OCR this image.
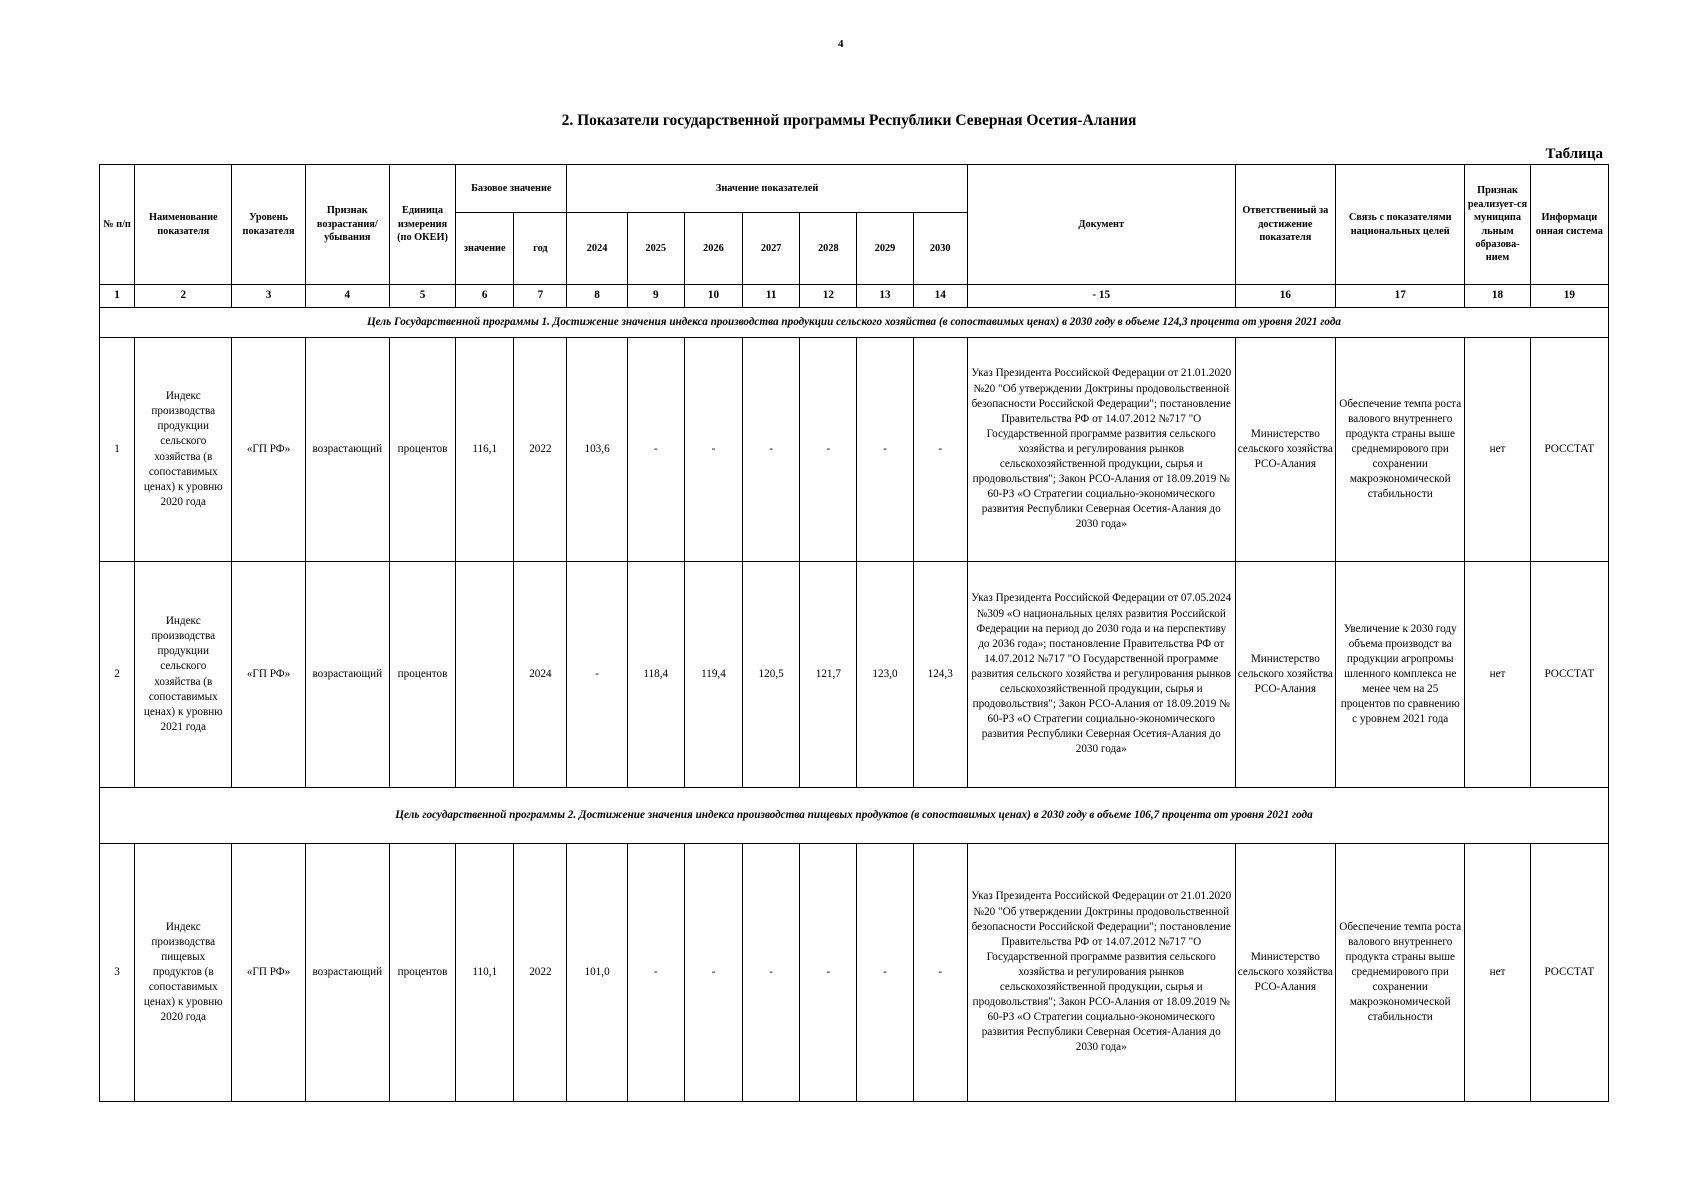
4
2. Показатели государственной программы Республики Северная Осетия-Алания
Таблица
№ п/п	Наименование показателя	Уровень показателя	Признак возрастания/ убывания	Единица измерения (по ОКЕИ)	Базовое значение		Значение показателей							Документ	Ответственный за достижение показателя	Связь с показателями национальных целей	Признак реализует-ся муниципа льным образова-нием	Информаци онная система
					значение	год	2024	2025	2026	2027	2028	2029	2030					
1	2	3	4	5	6	7	8	9	10	11	12	13	14	- 15	16	17	18	19
Цель Государственной программы 1. Достижение значения индекса производства продукции сельского хозяйства (в сопоставимых ценах) в 2030 году в объеме 124,3 процента от уровня 2021 года																		
1	Индекс производства продукции сельского хозяйства (в сопоставимых ценах) к уровню 2020 года	«ГП РФ»	возрастающий	процентов	116,1	2022	103,6	-	-	-	-	-	-	Указ Президента Российской Федерации от 21.01.2020 №20 "Об утверждении Доктрины продовольственной безопасности Российской Федерации"; постановление Правительства РФ от 14.07.2012 №717 "О Государственной программе развития сельского хозяйства и регулирования рынков сельскохозяйственной продукции, сырья и продовольствия"; Закон РСО-Алания от 18.09.2019 № 60-РЗ «О Стратегии социально-экономического развития Республики Северная Осетия-Алания до 2030 года»	Министерство сельского хозяйства РСО-Алания	Обеспечение темпа роста валового внутреннего продукта страны выше среднемирового при сохранении макроэкономической стабильности	нет	РОССТАТ
2	Индекс производства продукции сельского хозяйства (в сопоставимых ценах) к уровню 2021 года	«ГП РФ»	возрастающий	процентов		2024	-	118,4	119,4	120,5	121,7	123,0	124,3	Указ Президента Российской Федерации от 07.05.2024 №309 «О национальных целях развития Российской Федерации на период до 2030 года и на перспективу до 2036 года»; постановление Правительства РФ от 14.07.2012 №717 "О Государственной программе развития сельского хозяйства и регулирования рынков сельскохозяйственной продукции, сырья и продовольствия"; Закон РСО-Алания от 18.09.2019 № 60-РЗ «О Стратегии социально-экономического развития Республики Северная Осетия-Алания до 2030 года»	Министерство сельского хозяйства РСО-Алания	Увеличение к 2030 году объема производст ва продукции агропромы шленного комплекса не менее чем на 25 процентов по сравнению с уровнем 2021 года	нет	РОССТАТ
Цель государственной программы 2. Достижение значения индекса производства пищевых продуктов (в сопоставимых ценах) в 2030 году в объеме 106,7 процента от уровня 2021 года																		
3	Индекс производства пищевых продуктов (в сопоставимых ценах) к уровню 2020 года	«ГП РФ»	возрастающий	процентов	110,1	2022	101,0	-	-	-	-	-	-	Указ Президента Российской Федерации от 21.01.2020 №20 "Об утверждении Доктрины продовольственной безопасности Российской Федерации"; постановление Правительства РФ от 14.07.2012 №717 "О Государственной программе развития сельского хозяйства и регулирования рынков сельскохозяйственной продукции, сырья и продовольствия"; Закон РСО-Алания от 18.09.2019 № 60-РЗ «О Стратегии социально-экономического развития Республики Северная Осетия-Алания до 2030 года»	Министерство сельского хозяйства РСО-Алания	Обеспечение темпа роста валового внутреннего продукта страны выше среднемирового при сохранении макроэкономической стабильности	нет	РОССТАТ
